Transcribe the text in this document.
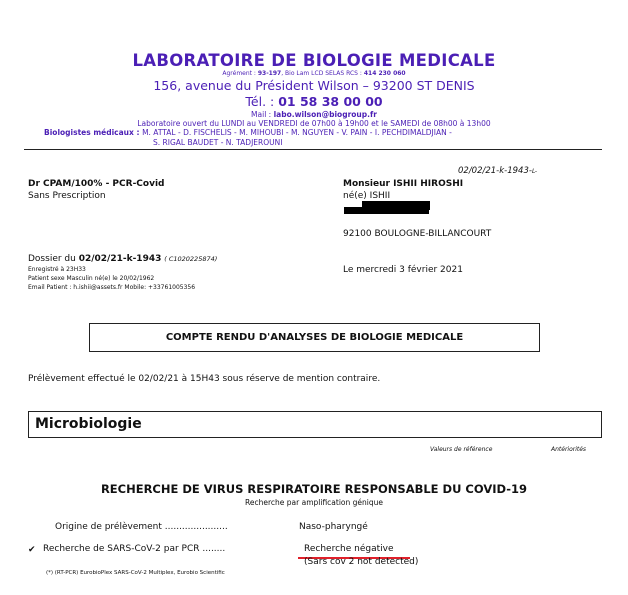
LABORATOIRE DE BIOLOGIE MEDICALE
Agrément : 93-197, Bio Lam LCD SELAS RCS : 414 230 060
156, avenue du Président Wilson – 93200 ST DENIS
Tél. : 01 58 38 00 00
Mail : labo.wilson@biogroup.fr
Laboratoire ouvert du LUNDI au VENDREDI de 07h00 à 19h00 et le SAMEDI de 08h00 à 13h00
Biologistes médicaux : M. ATTAL - D. FISCHELIS - M. MIHOUBI - M. NGUYEN - V. PAIN - I. PECHDIMALDJIAN -
S. RIGAL BAUDET - N. TADJEROUNI
02/02/21-k-1943-L-
Dr CPAM/100% - PCR-Covid
Sans Prescription
Monsieur ISHII HIROSHI
né(e) ISHII
92100 BOULOGNE-BILLANCOURT
Le mercredi 3 février 2021
Dossier du 02/02/21-k-1943 ( C1020225874)
Enregistré à 23H33
Patient sexe Masculin né(e) le 20/02/1962
Email Patient : h.ishii@assets.fr Mobile: +33761005356
COMPTE RENDU D'ANALYSES DE BIOLOGIE MEDICALE
Prélèvement effectué le 02/02/21 à 15H43 sous réserve de mention contraire.
Microbiologie
Valeurs de référence	Antériorités
RECHERCHE DE VIRUS RESPIRATOIRE RESPONSABLE DU COVID-19
Recherche par amplification génique
Origine de prélèvement ......................	Naso-pharyngé
✔ Recherche de SARS-CoV-2 par PCR ........	Recherche négative
(Sars cov 2 not detected)
(*) (RT-PCR) EurobioPlex SARS-CoV-2 Multiplex, Eurobio Scientific
